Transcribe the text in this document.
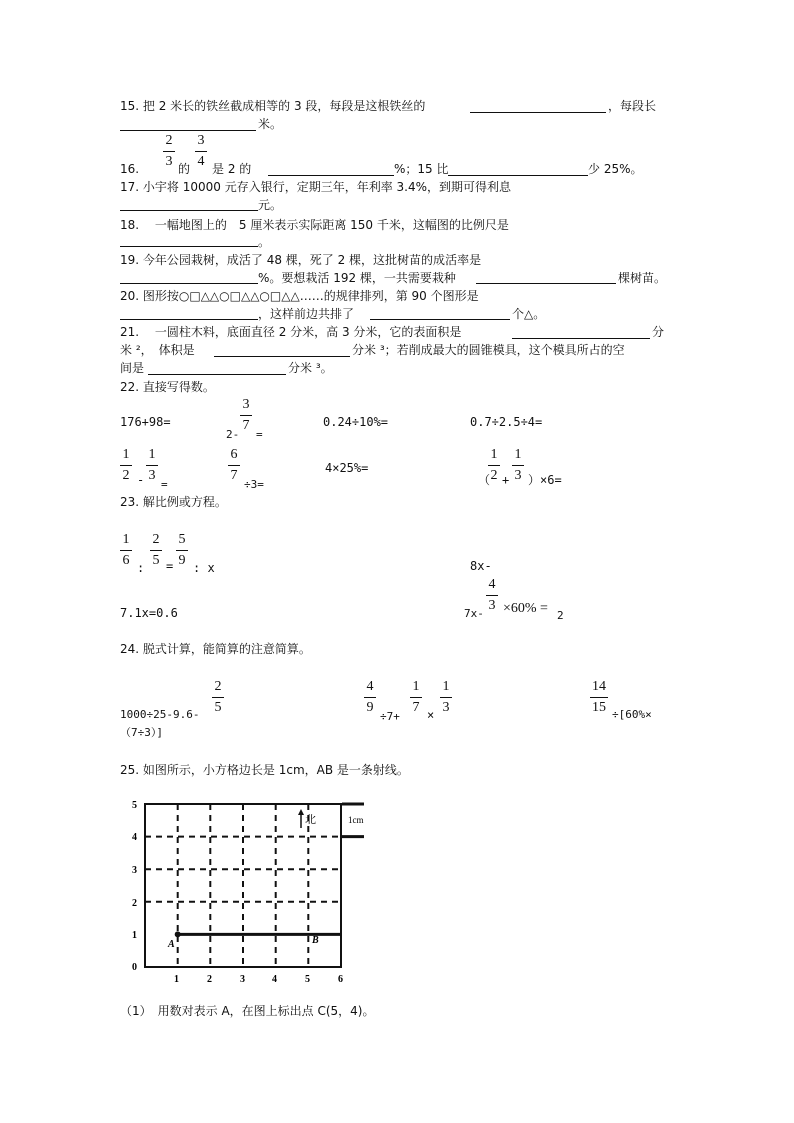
15. 把 2 米长的铁丝截成相等的 3 段，每段是这根铁丝的	，每段长
米。
16.
2
3 的
3
4 是 2 的	%；15 比	少 25%。
17. 小宇将 10000 元存入银行，定期三年，年利率 3.4%，到期可得利息
元。
18.　 一幅地图上的　5 厘米表示实际距离 150 千米，这幅图的比例尺是
。
19. 今年公园栽树，成活了 48 棵，死了 2 棵，这批树苗的成活率是
%。要想栽活 192 棵，一共需要栽种	棵树苗。
20. 图形按○□△△○□△△○□△△……的规律排列，第 90 个图形是
，这样前边共排了	个△。
21.　 一圆柱木料，底面直径 2 分米，高 3 分米，它的表面积是	分
米 ²，　体积是	分米 ³；若削成最大的圆锥模具，这个模具所占的空
间是	分米 ³。
22. 直接写得数。
176+98=
2-
3
7
=
0.24÷10%=	0.7÷2.5÷4=
1
2 -
1
3
=
6
7
÷3=
4×25%=
（
1
2 +
1
3 ）×6=
23. 解比例或方程。
1
6 :
2
5 =
5
9 : x	8x-
7.1x=0.6	7x-
4
3 ×60% = 2
24. 脱式计算，能简算的注意简算。
1000÷25-9.6-
2
5
（7÷3）]
4
9
÷7+
1
7 ×
1
3
14
15 ÷[60%×
25. 如图所示，小方格边长是 1cm，AB 是一条射线。
1cm
北
A	B
5
4
3
2
1
0
1	2	3	4	5	6
（1）　用数对表示 A，在图上标出点 C(5，4)。
